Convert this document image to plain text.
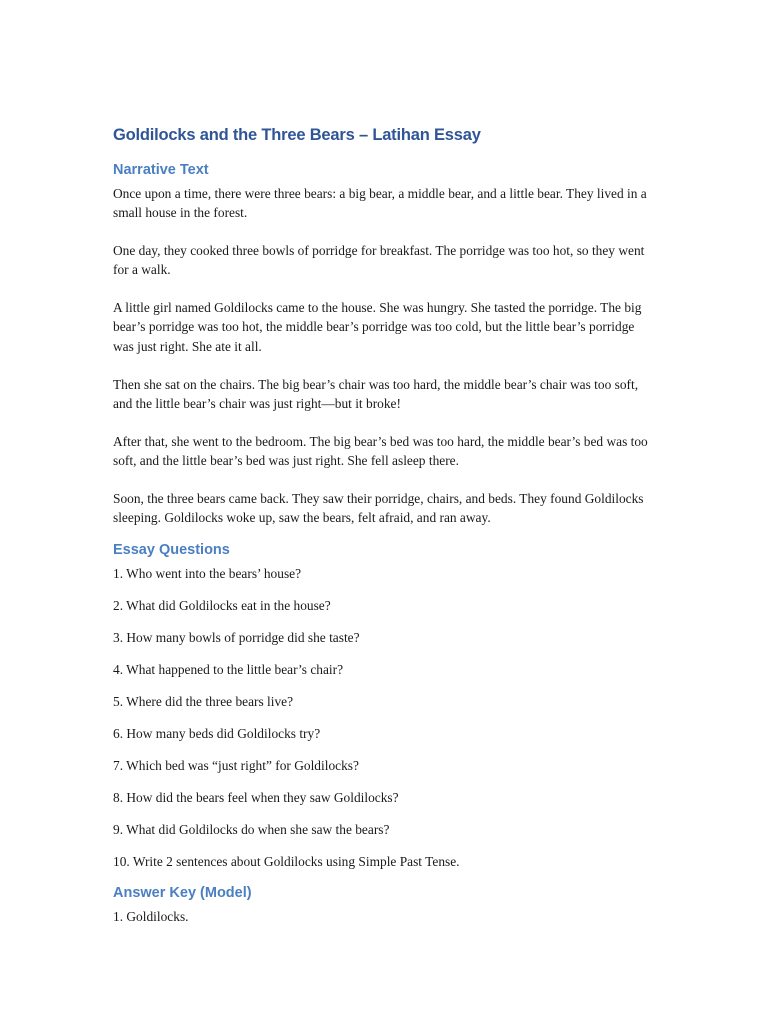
Goldilocks and the Three Bears – Latihan Essay
Narrative Text

Once upon a time, there were three bears: a big bear, a middle bear, and a little bear. They lived in a small house in the forest.

One day, they cooked three bowls of porridge for breakfast. The porridge was too hot, so they went for a walk.

A little girl named Goldilocks came to the house. She was hungry. She tasted the porridge. The big bear’s porridge was too hot, the middle bear’s porridge was too cold, but the little bear’s porridge was just right. She ate it all.

Then she sat on the chairs. The big bear’s chair was too hard, the middle bear’s chair was too soft, and the little bear’s chair was just right—but it broke!

After that, she went to the bedroom. The big bear’s bed was too hard, the middle bear’s bed was too soft, and the little bear’s bed was just right. She fell asleep there.

Soon, the three bears came back. They saw their porridge, chairs, and beds. They found Goldilocks sleeping. Goldilocks woke up, saw the bears, felt afraid, and ran away.

Essay Questions

1. Who went into the bears’ house?

2. What did Goldilocks eat in the house?

3. How many bowls of porridge did she taste?

4. What happened to the little bear’s chair?

5. Where did the three bears live?

6. How many beds did Goldilocks try?

7. Which bed was “just right” for Goldilocks?

8. How did the bears feel when they saw Goldilocks?

9. What did Goldilocks do when she saw the bears?

10. Write 2 sentences about Goldilocks using Simple Past Tense.

Answer Key (Model)

1. Goldilocks.
